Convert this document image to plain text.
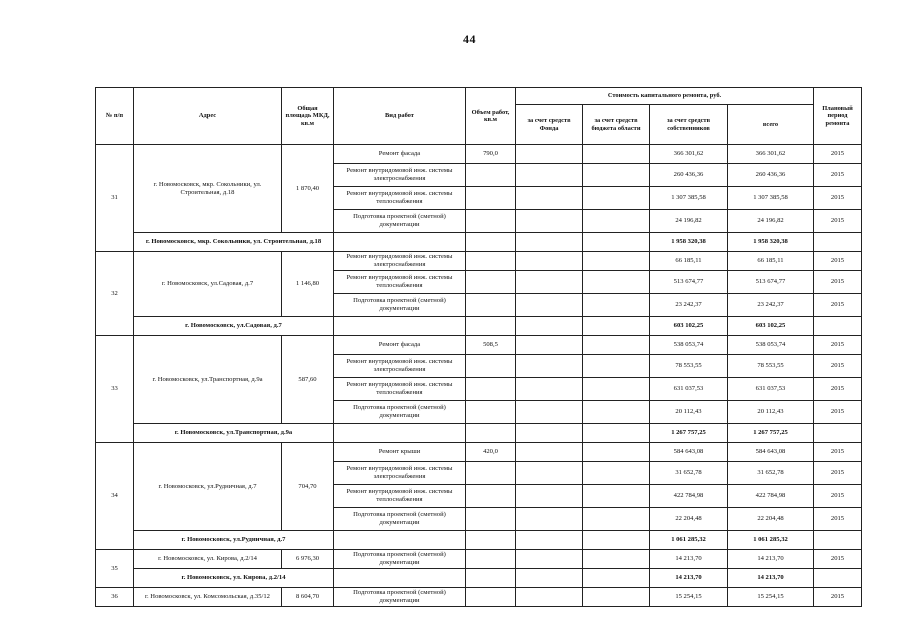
44
№ п/п	Адрес	Общая площадь МКД, кв.м	Вид работ	Объем работ, кв.м	Стоимость капитального ремонта, руб.				Плановый период ремонта
					за счет средств Фонда	за счет средств бюджета области	за счет средств собственников	всего	
31	г. Новомосковск, мкр. Сокольники, ул. Строительная, д.18	1 870,40	Ремонт фасада	790,0			366 301,62	366 301,62	2015
			Ремонт внутридомовой инж. системы электроснабжения				260 436,36	260 436,36	2015
			Ремонт внутридомовой инж. системы теплоснабжения				1 307 385,58	1 307 385,58	2015
			Подготовка проектной (сметной) документации				24 196,82	24 196,82	2015
	г. Новомосковск, мкр. Сокольники, ул. Строительная, д.18						1 958 320,38	1 958 320,38	
32	г. Новомосковск, ул.Садовая, д.7	1 146,80	Ремонт внутридомовой инж. системы электроснабжения				66 185,11	66 185,11	2015
			Ремонт внутридомовой инж. системы теплоснабжения				513 674,77	513 674,77	2015
			Подготовка проектной (сметной) документации				23 242,37	23 242,37	2015
	г. Новомосковск, ул.Садовая, д.7						603 102,25	603 102,25	
33	г. Новомосковск, ул.Транспортная, д.9а	587,60	Ремонт фасада	508,5			538 053,74	538 053,74	2015
			Ремонт внутридомовой инж. системы электроснабжения				78 553,55	78 553,55	2015
			Ремонт внутридомовой инж. системы теплоснабжения				631 037,53	631 037,53	2015
			Подготовка проектной (сметной) документации				20 112,43	20 112,43	2015
	г. Новомосковск, ул.Транспортная, д.9а						1 267 757,25	1 267 757,25	
34	г. Новомосковск, ул.Рудничная, д.7	704,70	Ремонт крыши	420,0			584 643,08	584 643,08	2015
			Ремонт внутридомовой инж. системы электроснабжения				31 652,78	31 652,78	2015
			Ремонт внутридомовой инж. системы теплоснабжения				422 784,98	422 784,98	2015
			Подготовка проектной (сметной) документации				22 204,48	22 204,48	2015
	г. Новомосковск, ул.Рудничная, д.7						1 061 285,32	1 061 285,32	
35	г. Новомосковск, ул. Кирова, д.2/14	6 976,30	Подготовка проектной (сметной) документации				14 213,70	14 213,70	2015
	г. Новомосковск, ул. Кирова, д.2/14						14 213,70	14 213,70	
36	г. Новомосковск, ул. Комсомольская, д.35/12	8 604,70	Подготовка проектной (сметной) документации				15 254,15	15 254,15	2015
